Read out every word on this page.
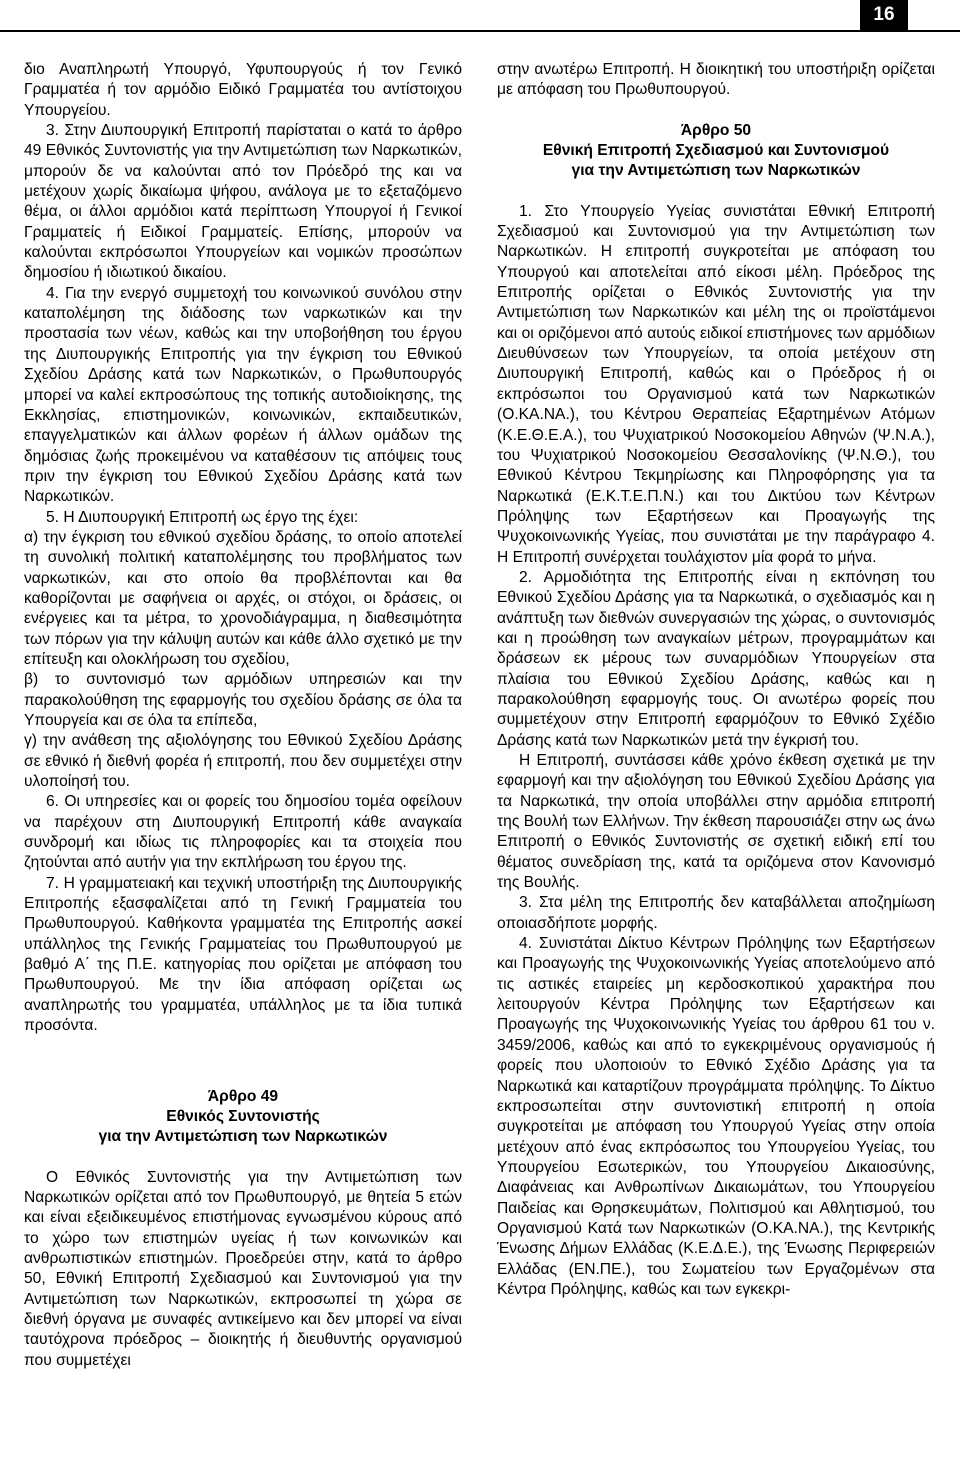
16

διο Αναπληρωτή Υπουργό, Υφυπουργούς ή τον Γενικό Γραμματέα ή τον αρμόδιο Ειδικό Γραμματέα του αντίστοιχου Υπουργείου.

3. Στην Διυπουργική Επιτροπή παρίσταται ο κατά το άρθρο 49 Εθνικός Συντονιστής για την Αντιμετώπιση των Ναρκωτικών, μπορούν δε να καλούνται από τον Πρόεδρό της και να μετέχουν χωρίς δικαίωμα ψήφου, ανάλογα με το εξεταζόμενο θέμα, οι άλλοι αρμόδιοι κατά περίπτωση Υπουργοί ή Γενικοί Γραμματείς ή Ειδικοί Γραμματείς. Επίσης, μπορούν να καλούνται εκπρόσωποι Υπουργείων και νομικών προσώπων δημοσίου ή ιδιωτικού δικαίου.

4. Για την ενεργό συμμετοχή του κοινωνικού συνόλου στην καταπολέμηση της διάδοσης των ναρκωτικών και την προστασία των νέων, καθώς και την υποβοήθηση του έργου της Διυπουργικής Επιτροπής για την έγκριση του Εθνικού Σχεδίου Δράσης κατά των Ναρκωτικών, ο Πρωθυπουργός μπορεί να καλεί εκπροσώπους της τοπικής αυτοδιοίκησης, της Εκκλησίας, επιστημονικών, κοινωνικών, εκπαιδευτικών, επαγγελματικών και άλλων φορέων ή άλλων ομάδων της δημόσιας ζωής προκειμένου να καταθέσουν τις απόψεις τους πριν την έγκριση του Εθνικού Σχεδίου Δράσης κατά των Ναρκωτικών.

5. Η Διυπουργική Επιτροπή ως έργο της έχει:

α) την έγκριση του εθνικού σχεδίου δράσης, το οποίο αποτελεί τη συνολική πολιτική καταπολέμησης του προβλήματος των ναρκωτικών, και στο οποίο θα προβλέπονται και θα καθορίζονται με σαφήνεια οι αρχές, οι στόχοι, οι δράσεις, οι ενέργειες και τα μέτρα, το χρονοδιάγραμμα, η διαθεσιμότητα των πόρων για την κάλυψη αυτών και κάθε άλλο σχετικό με την επίτευξη και ολοκλήρωση του σχεδίου,

β) το συντονισμό των αρμόδιων υπηρεσιών και την παρακολούθηση της εφαρμογής του σχεδίου δράσης σε όλα τα Υπουργεία και σε όλα τα επίπεδα,

γ) την ανάθεση της αξιολόγησης του Εθνικού Σχεδίου Δράσης σε εθνικό ή διεθνή φορέα ή επιτροπή, που δεν συμμετέχει στην υλοποίησή του.

6. Οι υπηρεσίες και οι φορείς του δημοσίου τομέα οφείλουν να παρέχουν στη Διυπουργική Επιτροπή κάθε αναγκαία συνδρομή και ιδίως τις πληροφορίες και τα στοιχεία που ζητούνται από αυτήν για την εκπλήρωση του έργου της.

7. Η γραμματειακή και τεχνική υποστήριξη της Διυπουργικής Επιτροπής εξασφαλίζεται από τη Γενική Γραμματεία του Πρωθυπουργού. Καθήκοντα γραμματέα της Επιτροπής ασκεί υπάλληλος της Γενικής Γραμματείας του Πρωθυπουργού με βαθμό Α΄ της Π.Ε. κατηγορίας που ορίζεται με απόφαση του Πρωθυπουργού. Με την ίδια απόφαση ορίζεται ως αναπληρωτής του γραμματέα, υπάλληλος με τα ίδια τυπικά προσόντα.

Άρθρο 49

Εθνικός Συντονιστής

για την Αντιμετώπιση των Ναρκωτικών

Ο Εθνικός Συντονιστής για την Αντιμετώπιση των Ναρκωτικών ορίζεται από τον Πρωθυπουργό, με θητεία 5 ετών και είναι εξειδικευμένος επιστήμονας εγνωσμένου κύρους από το χώρο των επιστημών υγείας ή των κοινωνικών και ανθρωπιστικών επιστημών. Προεδρεύει στην, κατά το άρθρο 50, Εθνική Επιτροπή Σχεδιασμού και Συντονισμού για την Αντιμετώπιση των Ναρκωτικών, εκπροσωπεί τη χώρα σε διεθνή όργανα με συναφές αντικείμενο και δεν μπορεί να είναι ταυτόχρονα πρόεδρος – διοικητής ή διευθυντής οργανισμού που συμμετέχει

στην ανωτέρω Επιτροπή. Η διοικητική του υποστήριξη ορίζεται με απόφαση του Πρωθυπουργού.

Άρθρο 50

Εθνική Επιτροπή Σχεδιασμού και Συντονισμού

για την Αντιμετώπιση των Ναρκωτικών

1. Στο Υπουργείο Υγείας συνιστάται Εθνική Επιτροπή Σχεδιασμού και Συντονισμού για την Αντιμετώπιση των Ναρκωτικών. Η επιτροπή συγκροτείται με απόφαση του Υπουργού και αποτελείται από είκοσι μέλη. Πρόεδρος της Επιτροπής ορίζεται ο Εθνικός Συντονιστής για την Αντιμετώπιση των Ναρκωτικών και μέλη της οι προϊστάμενοι και οι οριζόμενοι από αυτούς ειδικοί επιστήμονες των αρμόδιων Διευθύνσεων των Υπουργείων, τα οποία μετέχουν στη Διυπουργική Επιτροπή, καθώς και ο Πρόεδρος ή οι εκπρόσωποι του Οργανισμού κατά των Ναρκωτικών (Ο.ΚΑ.ΝΑ.), του Κέντρου Θεραπείας Εξαρτημένων Ατόμων (Κ.Ε.Θ.Ε.Α.), του Ψυχιατρικού Νοσοκομείου Αθηνών (Ψ.Ν.Α.), του Ψυχιατρικού Νοσοκομείου Θεσσαλονίκης (Ψ.Ν.Θ.), του Εθνικού Κέντρου Τεκμηρίωσης και Πληροφόρησης για τα Ναρκωτικά (Ε.Κ.Τ.Ε.Π.Ν.) και του Δικτύου των Κέντρων Πρόληψης των Εξαρτήσεων και Προαγωγής της Ψυχοκοινωνικής Υγείας, που συνιστάται με την παράγραφο 4. Η Επιτροπή συνέρχεται τουλάχιστον μία φορά το μήνα.

2. Αρμοδιότητα της Επιτροπής είναι η εκπόνηση του Εθνικού Σχεδίου Δράσης για τα Ναρκωτικά, ο σχεδιασμός και η ανάπτυξη των διεθνών συνεργασιών της χώρας, ο συντονισμός και η προώθηση των αναγκαίων μέτρων, προγραμμάτων και δράσεων εκ μέρους των συναρμόδιων Υπουργείων στα πλαίσια του Εθνικού Σχεδίου Δράσης, καθώς και η παρακολούθηση εφαρμογής τους. Οι ανωτέρω φορείς που συμμετέχουν στην Επιτροπή εφαρμόζουν το Εθνικό Σχέδιο Δράσης κατά των Ναρκωτικών μετά την έγκρισή του.

Η Επιτροπή, συντάσσει κάθε χρόνο έκθεση σχετικά με την εφαρμογή και την αξιολόγηση του Εθνικού Σχεδίου Δράσης για τα Ναρκωτικά, την οποία υποβάλλει στην αρμόδια επιτροπή της Βουλή των Ελλήνων. Την έκθεση παρουσιάζει στην ως άνω Επιτροπή ο Εθνικός Συντονιστής σε σχετική ειδική επί του θέματος συνεδρίαση της, κατά τα οριζόμενα στον Κανονισμό της Βουλής.

3. Στα μέλη της Επιτροπής δεν καταβάλλεται αποζημίωση οποιασδήποτε μορφής.

4. Συνιστάται Δίκτυο Κέντρων Πρόληψης των Εξαρτήσεων και Προαγωγής της Ψυχοκοινωνικής Υγείας αποτελούμενο από τις αστικές εταιρείες μη κερδοσκοπικού χαρακτήρα που λειτουργούν Κέντρα Πρόληψης των Εξαρτήσεων και Προαγωγής της Ψυχοκοινωνικής Υγείας του άρθρου 61 του ν. 3459/2006, καθώς και από το εγκεκριμένους οργανισμούς ή φορείς που υλοποιούν το Εθνικό Σχέδιο Δράσης για τα Ναρκωτικά και καταρτίζουν προγράμματα πρόληψης. Το Δίκτυο εκπροσωπείται στην συντονιστική επιτροπή η οποία συγκροτείται με απόφαση του Υπουργού Υγείας στην οποία μετέχουν από ένας εκπρόσωπος του Υπουργείου Υγείας, του Υπουργείου Εσωτερικών, του Υπουργείου Δικαιοσύνης, Διαφάνειας και Ανθρωπίνων Δικαιωμάτων, του Υπουργείου Παιδείας και Θρησκευμάτων, Πολιτισμού και Αθλητισμού, του Οργανισμού Κατά των Ναρκωτικών (Ο.ΚΑ.ΝΑ.), της Κεντρικής Ένωσης Δήμων Ελλάδας (Κ.Ε.Δ.Ε.), της Ένωσης Περιφερειών Ελλάδας (ΕΝ.ΠΕ.), του Σωματείου των Εργαζομένων στα Κέντρα Πρόληψης, καθώς και των εγκεκρι-
